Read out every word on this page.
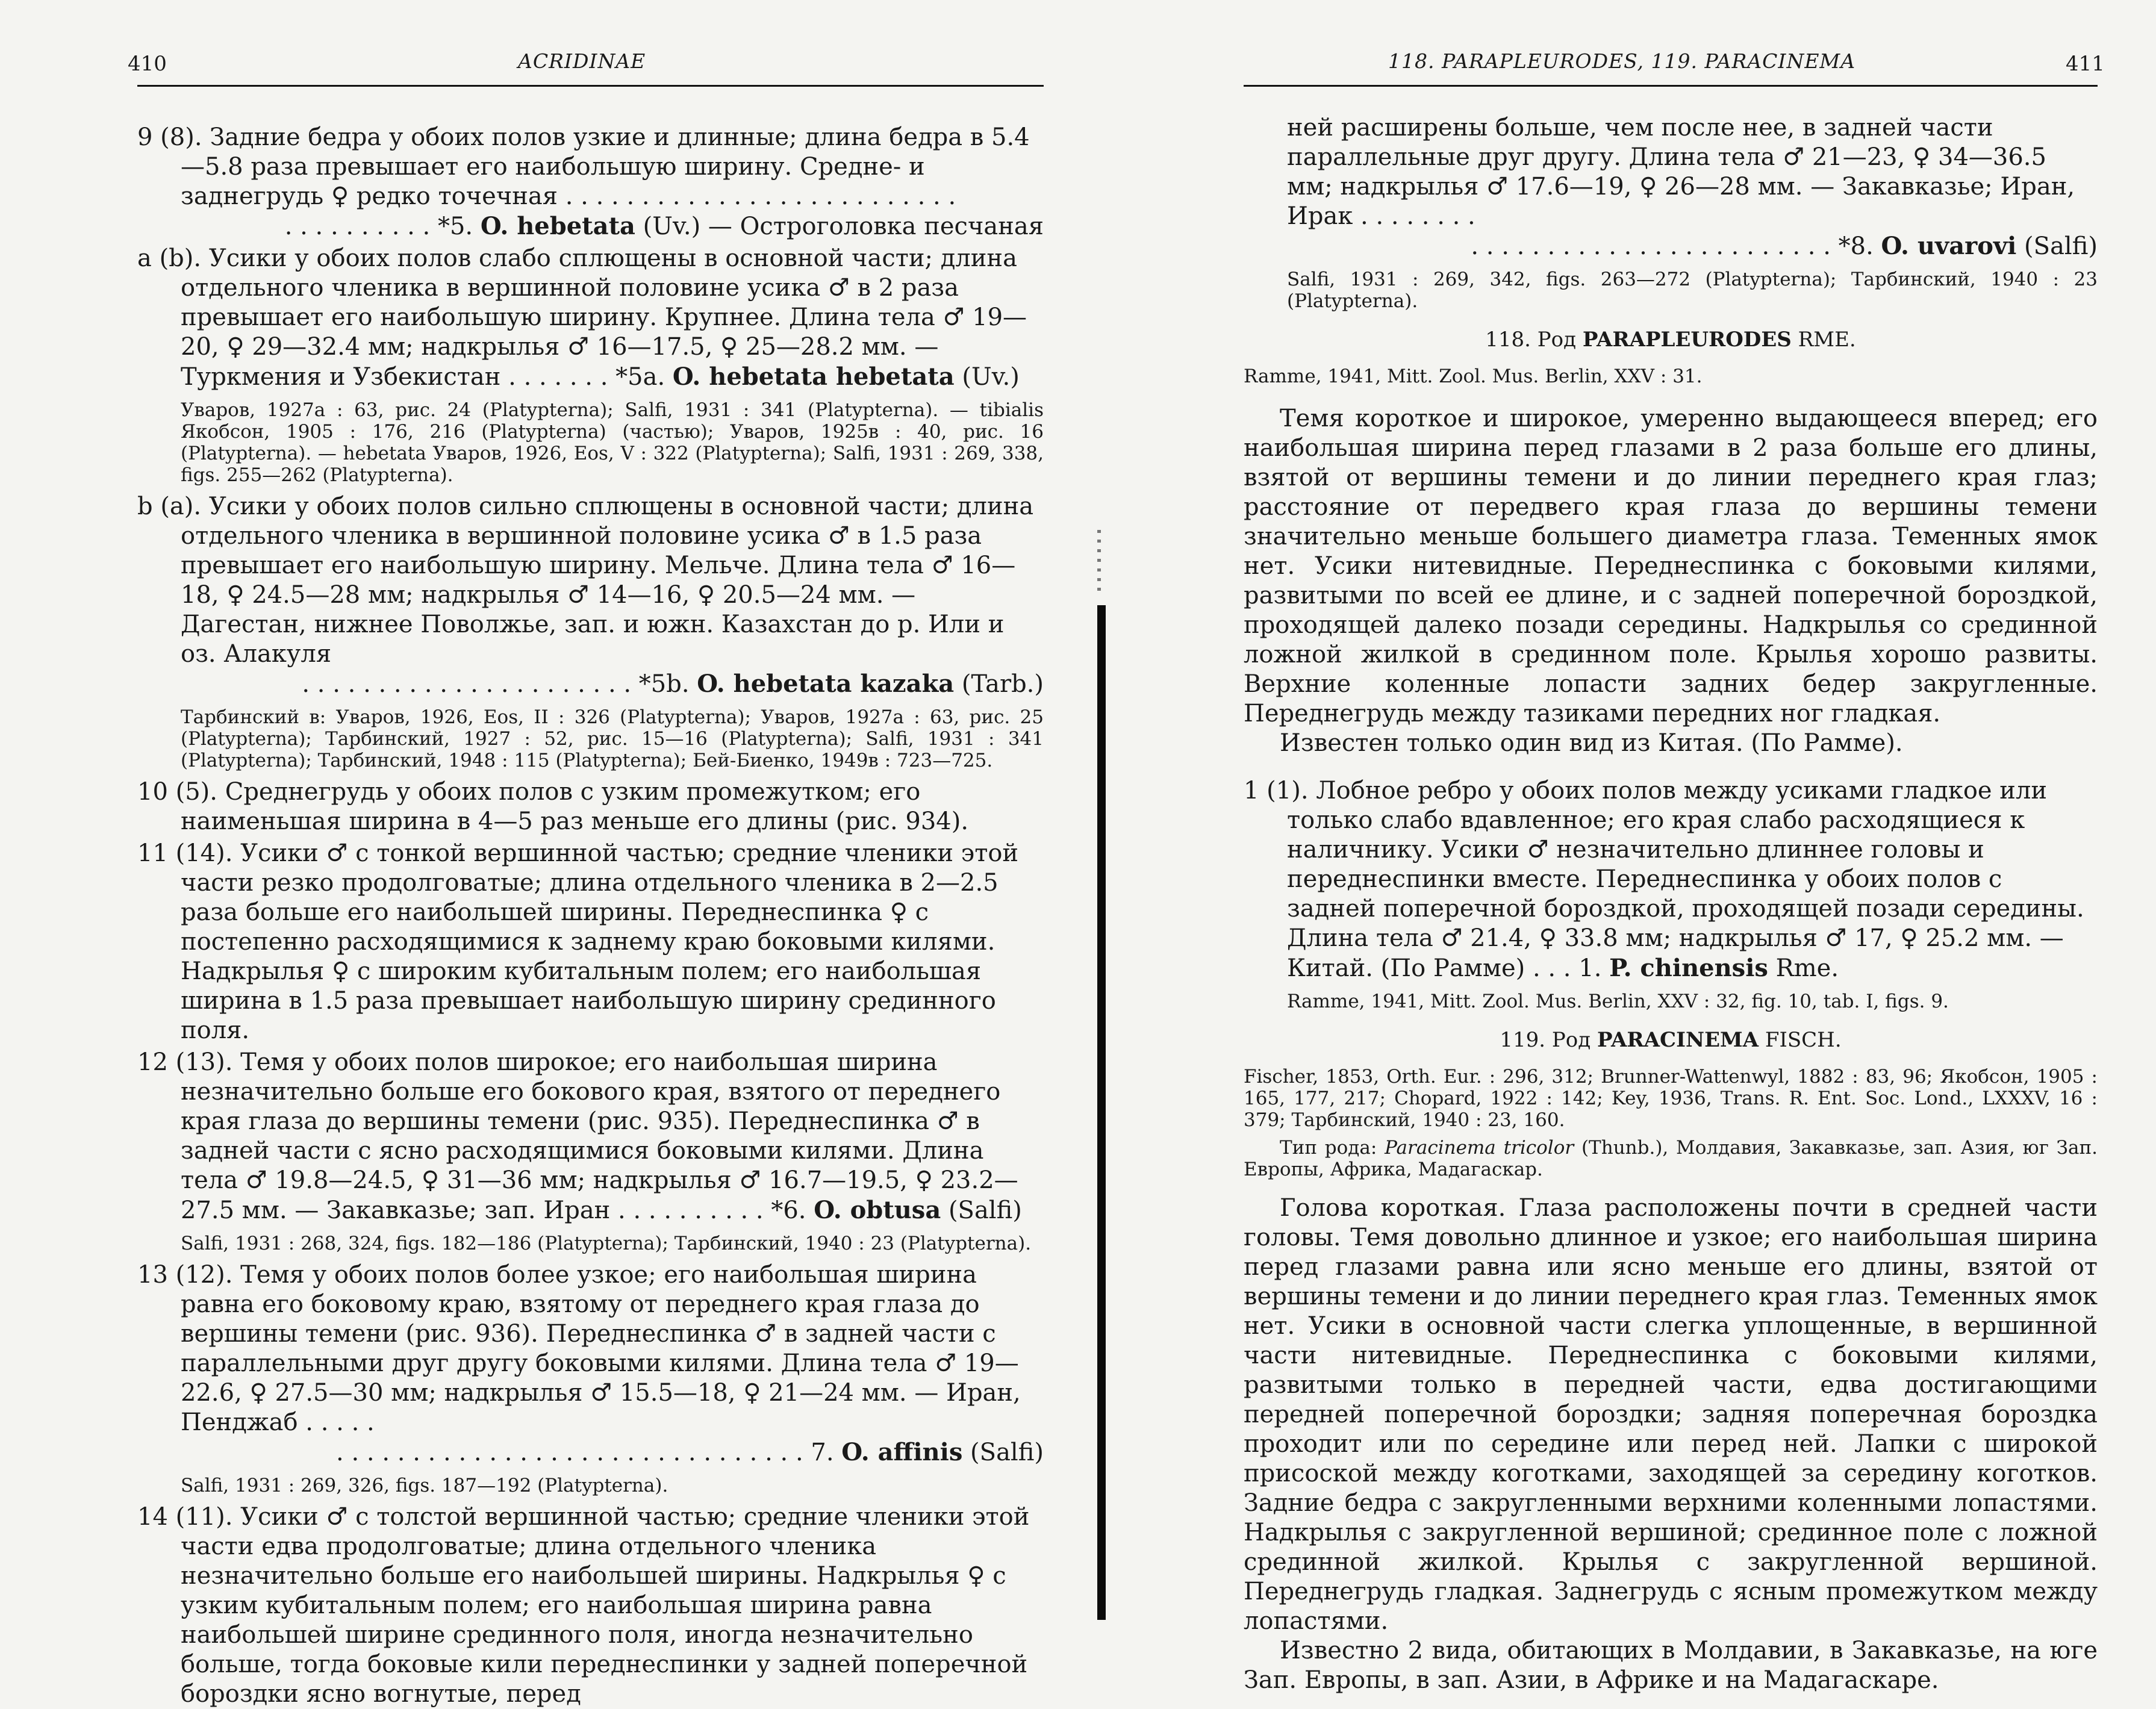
410	ACRIDINAE

9 (8). Задние бедра у обоих полов узкие и длинные; длина бедра в 5.4—5.8 раза превышает его наибольшую ширину. Средне- и заднегрудь ♀ редко точечная . . . . . . . . . . . . . . . . . . . . . . . . . .

. . . . . . . . . . *5. O. hebetata (Uv.) — Остроголовка песчаная

a (b). Усики у обоих полов слабо сплющены в основной части; длина отдельного членика в вершинной половине усика ♂ в 2 раза превышает его наибольшую ширину. Крупнее. Длина тела ♂ 19—20, ♀ 29—32.4 мм; надкрылья ♂ 16—17.5, ♀ 25—28.2 мм. — Туркмения и Узбекистан . . . . . . . *5a. O. hebetata hebetata (Uv.)

Уваров, 1927а : 63, рис. 24 (Platypterna); Salfi, 1931 : 341 (Platypterna). — tibialis Якобсон, 1905 : 176, 216 (Platypterna) (частью); Уваров, 1925в : 40, рис. 16 (Platypterna). — hebetata Уваров, 1926, Eos, V : 322 (Platypterna); Salfi, 1931 : 269, 338, figs. 255—262 (Platypterna).

b (a). Усики у обоих полов сильно сплющены в основной части; длина отдельного членика в вершинной половине усика ♂ в 1.5 раза превышает его наибольшую ширину. Мельче. Длина тела ♂ 16—18, ♀ 24.5—28 мм; надкрылья ♂ 14—16, ♀ 20.5—24 мм. — Дагестан, нижнее Поволжье, зап. и южн. Казахстан до р. Или и оз. Алакуля

. . . . . . . . . . . . . . . . . . . . . . *5b. O. hebetata kazaka (Tarb.)

Тарбинский в: Уваров, 1926, Eos, II : 326 (Platypterna); Уваров, 1927а : 63, рис. 25 (Platypterna); Тарбинский, 1927 : 52, рис. 15—16 (Platypterna); Salfi, 1931 : 341 (Platypterna); Тарбинский, 1948 : 115 (Platypterna); Бей-Биенко, 1949в : 723—725.

10 (5). Среднегрудь у обоих полов с узким промежутком; его наименьшая ширина в 4—5 раз меньше его длины (рис. 934).

11 (14). Усики ♂ с тонкой вершинной частью; средние членики этой части резко продолговатые; длина отдельного членика в 2—2.5 раза больше его наибольшей ширины. Переднеспинка ♀ с постепенно расходящимися к заднему краю боковыми килями. Надкрылья ♀ с широким кубитальным полем; его наибольшая ширина в 1.5 раза превышает наибольшую ширину срединного поля.

12 (13). Темя у обоих полов широкое; его наибольшая ширина незначительно больше его бокового края, взятого от переднего края глаза до вершины темени (рис. 935). Переднеспинка ♂ в задней части с ясно расходящимися боковыми килями. Длина тела ♂ 19.8—24.5, ♀ 31—36 мм; надкрылья ♂ 16.7—19.5, ♀ 23.2—27.5 мм. — Закавказье; зап. Иран . . . . . . . . . . *6. O. obtusa (Salfi)

Salfi, 1931 : 268, 324, figs. 182—186 (Platypterna); Тарбинский, 1940 : 23 (Platypterna).

13 (12). Темя у обоих полов более узкое; его наибольшая ширина равна его боковому краю, взятому от переднего края глаза до вершины темени (рис. 936). Переднеспинка ♂ в задней части с параллельными друг другу боковыми килями. Длина тела ♂ 19—22.6, ♀ 27.5—30 мм; надкрылья ♂ 15.5—18, ♀ 21—24 мм. — Иран, Пенджаб . . . . .

. . . . . . . . . . . . . . . . . . . . . . . . . . . . . . . 7. O. affinis (Salfi)

Salfi, 1931 : 269, 326, figs. 187—192 (Platypterna).

14 (11). Усики ♂ с толстой вершинной частью; средние членики этой части едва продолговатые; длина отдельного членика незначительно больше его наибольшей ширины. Надкрылья ♀ с узким кубитальным полем; его наибольшая ширина равна наибольшей ширине срединного поля, иногда незначительно больше, тогда боковые кили переднеспинки у задней поперечной бороздки ясно вогнутые, перед

118. PARAPLEURODES, 119. PARACINEMA	411

ней расширены больше, чем после нее, в задней части параллельные друг другу. Длина тела ♂ 21—23, ♀ 34—36.5 мм; надкрылья ♂ 17.6—19, ♀ 26—28 мм. — Закавказье; Иран, Ирак . . . . . . . .

. . . . . . . . . . . . . . . . . . . . . . . . *8. O. uvarovi (Salfi)

Salfi, 1931 : 269, 342, figs. 263—272 (Platypterna); Тарбинский, 1940 : 23 (Platypterna).

118. Род PARAPLEURODES RME.

Ramme, 1941, Mitt. Zool. Mus. Berlin, XXV : 31.

Темя короткое и широкое, умеренно выдающееся вперед; его наибольшая ширина перед глазами в 2 раза больше его длины, взятой от вершины темени и до линии переднего края глаз; расстояние от передвего края глаза до вершины темени значительно меньше большего диаметра глаза. Теменных ямок нет. Усики нитевидные. Переднеспинка с боковыми килями, развитыми по всей ее длине, и с задней поперечной бороздкой, проходящей далеко позади середины. Надкрылья со срединной ложной жилкой в срединном поле. Крылья хорошо развиты. Верхние коленные лопасти задних бедер закругленные. Переднегрудь между тазиками передних ног гладкая.

Известен только один вид из Китая. (По Рамме).

1 (1). Лобное ребро у обоих полов между усиками гладкое или только слабо вдавленное; его края слабо расходящиеся к наличнику. Усики ♂ незначительно длиннее головы и переднеспинки вместе. Переднеспинка у обоих полов с задней поперечной бороздкой, проходящей позади середины. Длина тела ♂ 21.4, ♀ 33.8 мм; надкрылья ♂ 17, ♀ 25.2 мм. — Китай. (По Рамме) . . . 1. P. chinensis Rme.

Ramme, 1941, Mitt. Zool. Mus. Berlin, XXV : 32, fig. 10, tab. I, figs. 9.

119. Род PARACINEMA FISCH.

Fischer, 1853, Orth. Eur. : 296, 312; Brunner-Wattenwyl, 1882 : 83, 96; Якобсон, 1905 : 165, 177, 217; Chopard, 1922 : 142; Key, 1936, Trans. R. Ent. Soc. Lond., LXXXV, 16 : 379; Тарбинский, 1940 : 23, 160.

Тип рода: Paracinema tricolor (Thunb.), Молдавия, Закавказье, зап. Азия, юг Зап. Европы, Африка, Мадагаскар.

Голова короткая. Глаза расположены почти в средней части головы. Темя довольно длинное и узкое; его наибольшая ширина перед глазами равна или ясно меньше его длины, взятой от вершины темени и до линии переднего края глаз. Теменных ямок нет. Усики в основной части слегка уплощенные, в вершинной части нитевидные. Переднеспинка с боковыми килями, развитыми только в передней части, едва достигающими передней поперечной бороздки; задняя поперечная бороздка проходит или по середине или перед ней. Лапки с широкой присоской между коготками, заходящей за середину коготков. Задние бедра с закругленными верхними коленными лопастями. Надкрылья с закругленной вершиной; срединное поле с ложной срединной жилкой. Крылья с закругленной вершиной. Переднегрудь гладкая. Заднегрудь с ясным промежутком между лопастями.

Известно 2 вида, обитающих в Молдавии, в Закавказье, на юге Зап. Европы, в зап. Азии, в Африке и на Мадагаскаре.
